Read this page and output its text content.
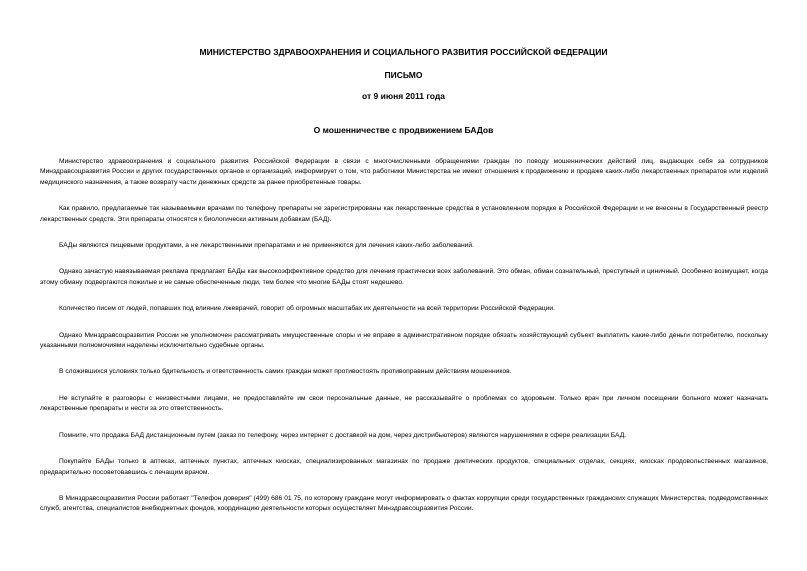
МИНИСТЕРСТВО ЗДРАВООХРАНЕНИЯ И СОЦИАЛЬНОГО РАЗВИТИЯ РОССИЙСКОЙ ФЕДЕРАЦИИ
ПИСЬМО
от 9 июня 2011 года
О мошенничестве с продвижением БАДов

Министерство здравоохранения и социального развития Российской Федерации в связи с многочисленными обращениями граждан по поводу мошеннических действий лиц, выдающих себя за сотрудников Минздравсоцразвития России и других государственных органов и организаций, информирует о том, что работники Министерства не имеют отношения к продвижению и продаже каких-либо лекарственных препаратов или изделий медицинского назначения, а также возврату части денежных средств за ранее приобретенные товары.

Как правило, предлагаемые так называемыми врачами по телефону препараты не зарегистрированы как лекарственные средства в установленном порядке в Российской Федерации и не внесены в Государственный реестр лекарственных средств. Эти препараты относятся к биологически активным добавкам (БАД).

БАДы являются пищевыми продуктами, а не лекарственными препаратами и не применяются для лечения каких-либо заболеваний.

Однако зачастую навязываемая реклама предлагает БАДы как высокоэффективное средство для лечения практически всех заболеваний. Это обман, обман сознательный, преступный и циничный. Особенно возмущает, когда этому обману подвергаются пожилые и не самые обеспеченные люди, тем более что многие БАДы стоят недешево.

Количество писем от людей, попавших под влияние лжеврачей, говорит об огромных масштабах их деятельности на всей территории Российской Федерации.

Однако Минздравсоцразвития России не уполномочен рассматривать имущественные споры и не вправе в административном порядке обязать хозяйствующий субъект выплатить какие-либо деньги потребителю, поскольку указанными полномочиями наделены исключительно судебные органы.

В сложившихся условиях только бдительность и ответственность самих граждан может противостоять противоправным действиям мошенников.

Не вступайте в разговоры с неизвестными лицами, не предоставляйте им свои персональные данные, не рассказывайте о проблемах со здоровьем. Только врач при личном посещении больного может назначать лекарственные препараты и нести за это ответственность.

Помните, что продажа БАД дистанционным путем (заказ по телефону, через интернет с доставкой на дом, через дистрибьютеров) являются нарушениями в сфере реализации БАД.

Покупайте БАДы только в аптеках, аптечных пунктах, аптечных киосках, специализированных магазинах по продаже диетических продуктов, специальных отделах, секциях, киосках продовольственных магазинов, предварительно посоветовавшись с лечащим врачом.

В Минздравсоцразвития России работает "Телефон доверия" (499) 686 01 75, по которому граждане могут информировать о фактах коррупции среди государственных гражданских служащих Министерства, подведомственных служб, агентства, специалистов внебюджетных фондов, координацию деятельности которых осуществляет Минздравсоцразвития России.
